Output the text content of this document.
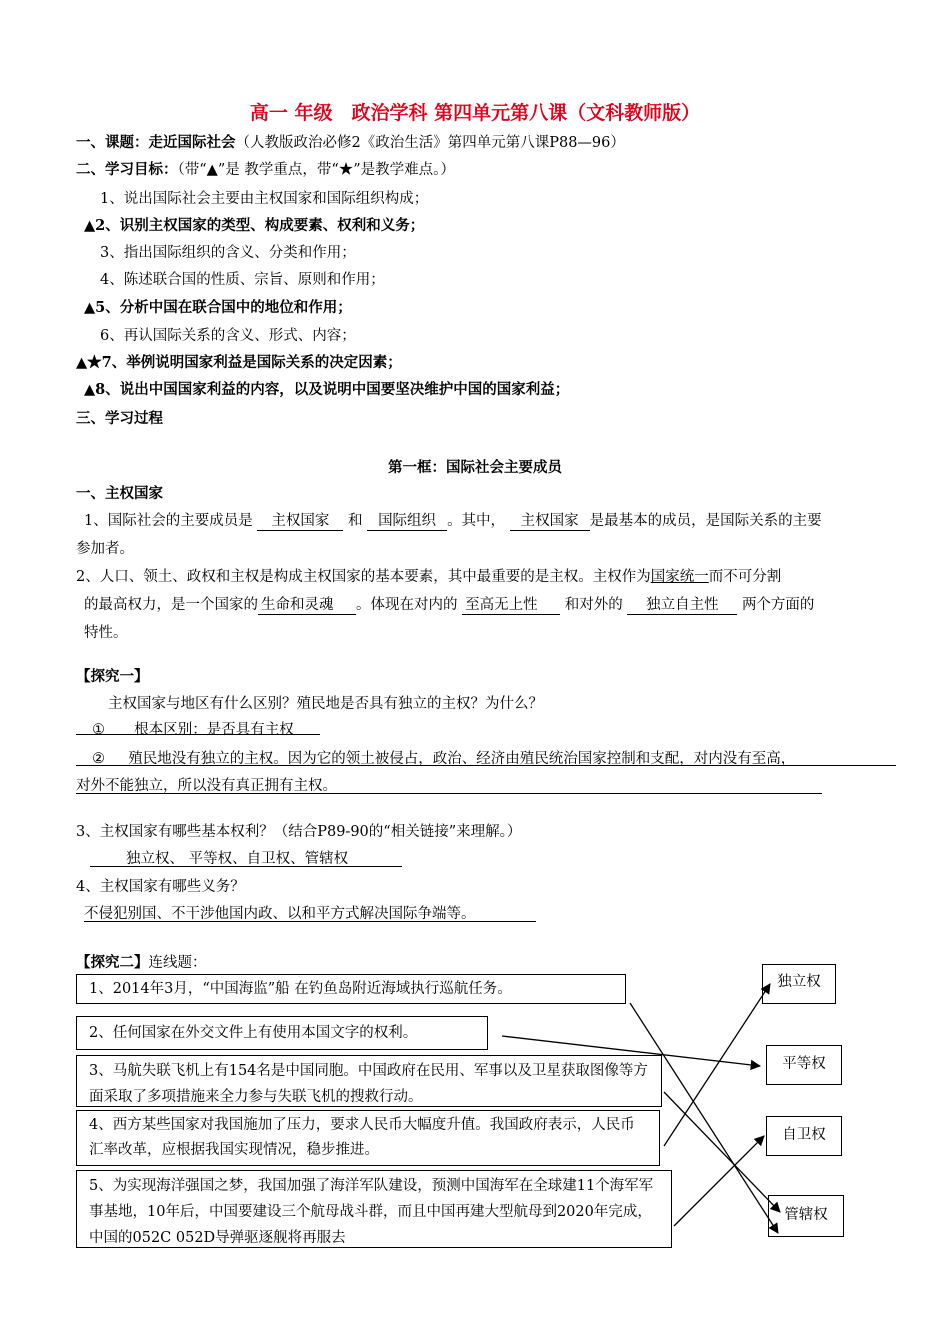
高一 年级　政治学科 第四单元第八课（文科教师版）
一、课题：走近国际社会（人教版政治必修2《政治生活》第四单元第八课P88—96）
二、学习目标：（带“▲”是 教学重点，带“★”是教学难点。）
1、说出国际社会主要由主权国家和国际组织构成；
▲2、识别主权国家的类型、构成要素、权利和义务；
3、指出国际组织的含义、分类和作用；
4、陈述联合国的性质、宗旨、原则和作用；
▲5、分析中国在联合国中的地位和作用；
6、再认国际关系的含义、形式、内容；
▲★7、举例说明国家利益是国际关系的决定因素；
▲8、说出中国国家利益的内容，以及说明中国要坚决维护中国的国家利益；
三、学习过程
第一框：国际社会主要成员
一、主权国家
1、国际社会的主要成员是 主权国家 和 国际组织 。其中， 主权国家 是最基本的成员，是国际关系的主要
参加者。
2、人口、领土、政权和主权是构成主权国家的基本要素，其中最重要的是主权。主权作为国家统一而不可分割
的最高权力，是一个国家的 生命和灵魂 。体现在对内的 至高无上性 和对外的 独立自主性 两个方面的
特性。
【探究一】
主权国家与地区有什么区别？殖民地是否具有独立的主权？为什么？
① 根本区别：是否具有主权
② 殖民地没有独立的主权。因为它的领土被侵占，政治、经济由殖民统治国家控制和支配，对内没有至高，
对外不能独立，所以没有真正拥有主权。
3、主权国家有哪些基本权利？（结合P89-90的“相关链接”来理解。）
独立权、 平等权、自卫权、管辖权
4、主权国家有哪些义务？
不侵犯别国、不干涉他国内政、以和平方式解决国际争端等。
【探究二】连线题：
1、2014年3月，“中国海监”船 在钓鱼岛附近海域执行巡航任务。
2、任何国家在外交文件上有使用本国文字的权利。
3、马航失联飞机上有154名是中国同胞。中国政府在民用、军事以及卫星获取图像等方面采取了多项措施来全力参与失联飞机的搜救行动。
4、西方某些国家对我国施加了压力，要求人民币大幅度升值。我国政府表示，人民币汇率改革，应根据我国实现情况，稳步推进。
5、为实现海洋强国之梦，我国加强了海洋军队建设，预测中国海军在全球建11个海军军事基地，10年后，中国要建设三个航母战斗群，而且中国再建大型航母到2020年完成，中国的052C 052D导弹驱逐舰将再服去
独立权
平等权
自卫权
管辖权
